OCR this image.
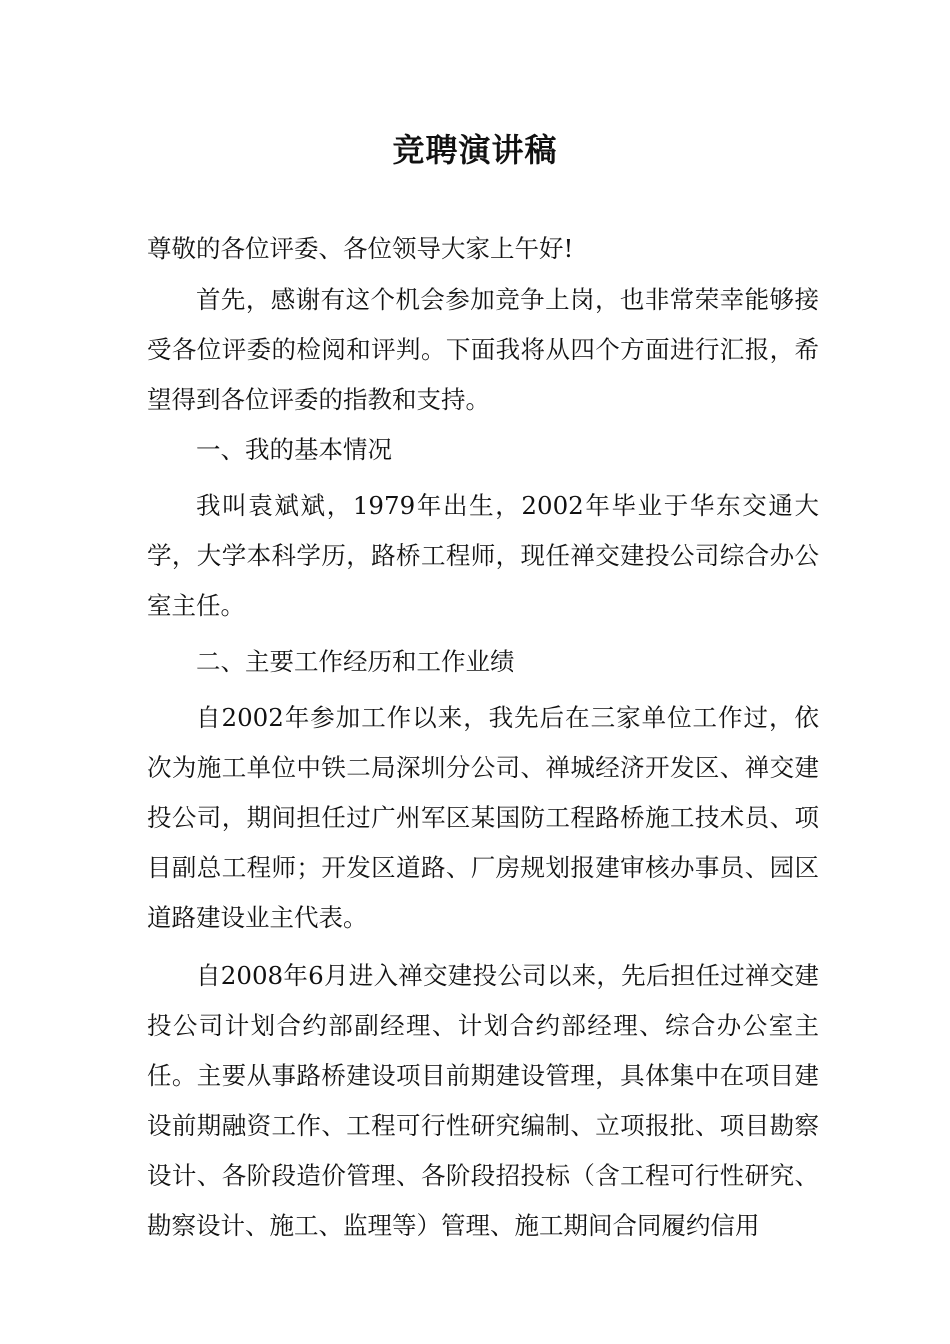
竞聘演讲稿

尊敬的各位评委、各位领导大家上午好!

首先，感谢有这个机会参加竞争上岗，也非常荣幸能够接受各位评委的检阅和评判。下面我将从四个方面进行汇报，希望得到各位评委的指教和支持。

一、我的基本情况

我叫袁斌斌，1979年出生，2002年毕业于华东交通大学，大学本科学历，路桥工程师，现任禅交建投公司综合办公室主任。

二、主要工作经历和工作业绩

自2002年参加工作以来，我先后在三家单位工作过，依次为施工单位中铁二局深圳分公司、禅城经济开发区、禅交建投公司，期间担任过广州军区某国防工程路桥施工技术员、项目副总工程师；开发区道路、厂房规划报建审核办事员、园区道路建设业主代表。

自2008年6月进入禅交建投公司以来，先后担任过禅交建投公司计划合约部副经理、计划合约部经理、综合办公室主任。主要从事路桥建设项目前期建设管理，具体集中在项目建设前期融资工作、工程可行性研究编制、立项报批、项目勘察设计、各阶段造价管理、各阶段招投标（含工程可行性研究、勘察设计、施工、监理等）管理、施工期间合同履约信用
